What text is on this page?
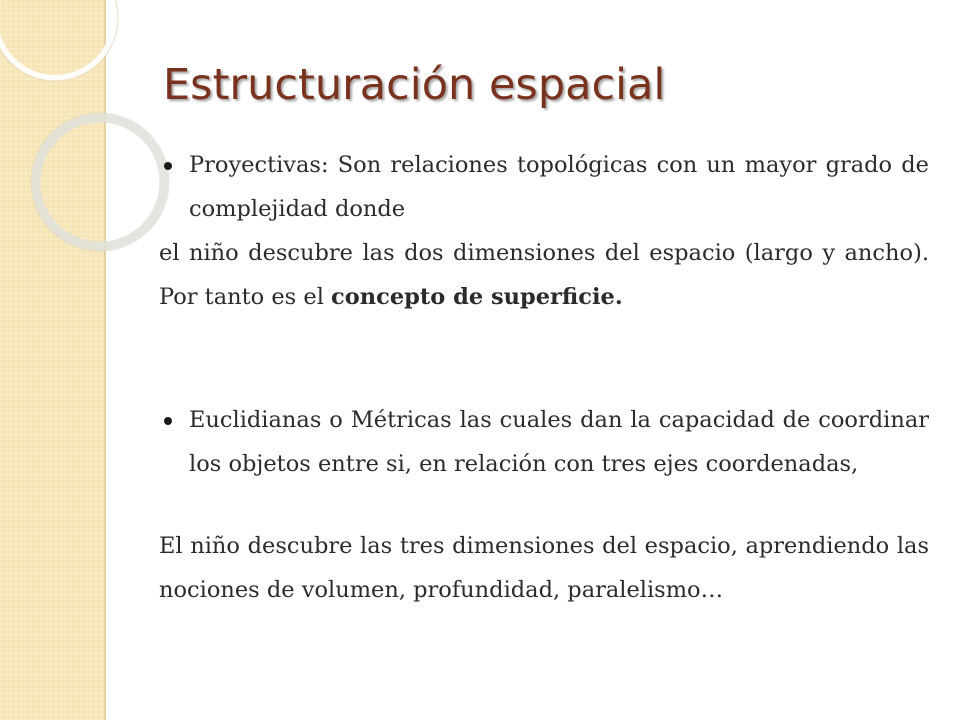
Estructuración espacial
Proyectivas: Son relaciones topológicas con un mayor grado de complejidad donde

el niño descubre las dos dimensiones del espacio (largo y ancho). Por tanto es el concepto de superficie.

Euclidianas o Métricas las cuales dan la capacidad de coordinar los objetos entre si, en relación con tres ejes coordenadas,

El niño descubre las tres dimensiones del espacio, aprendiendo las nociones de volumen, profundidad, paralelismo…
